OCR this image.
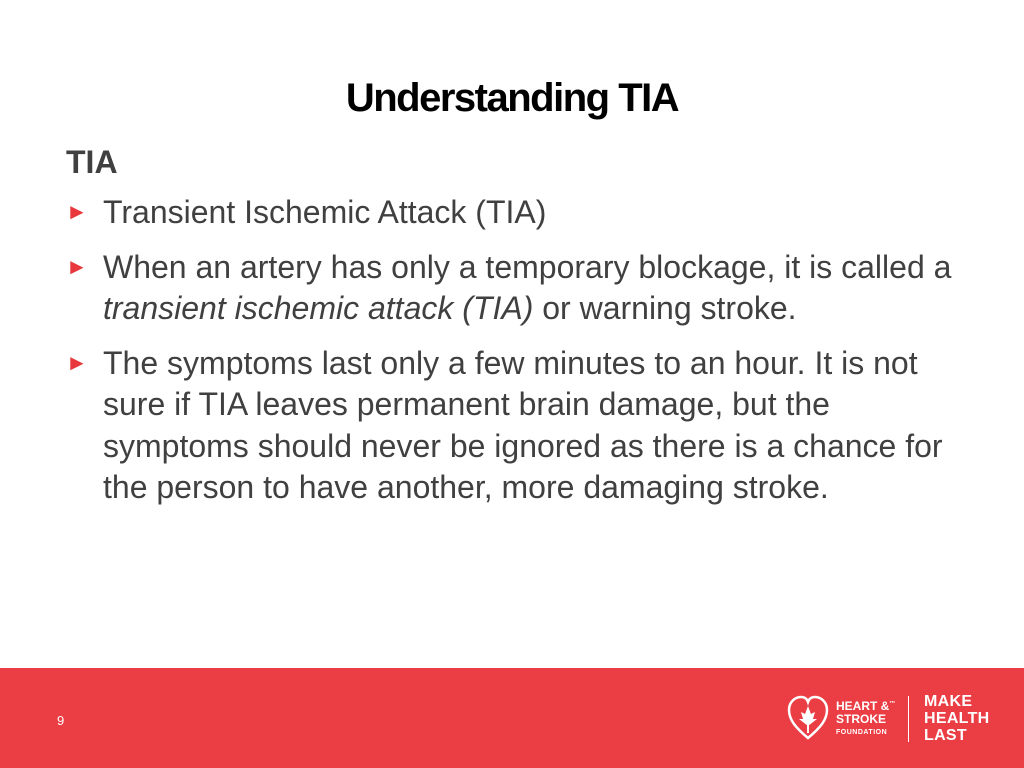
Understanding TIA
TIA
► Transient Ischemic Attack (TIA)
► When an artery has only a temporary blockage, it is called a transient ischemic attack (TIA) or warning stroke.
► The symptoms last only a few minutes to an hour. It is not sure if TIA leaves permanent brain damage, but the symptoms should never be ignored as there is a chance for the person to have another, more damaging stroke.
9
HEART &™
STROKE
FOUNDATION
MAKE
HEALTH
LAST
